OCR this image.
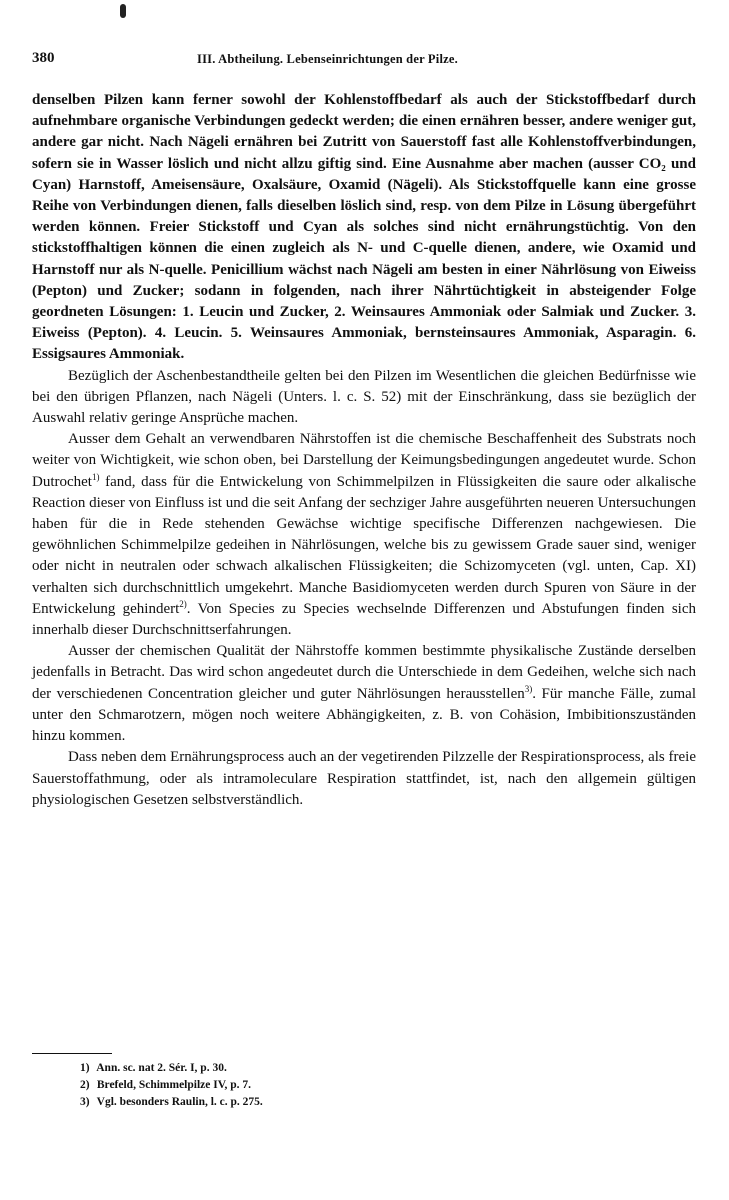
380	III. Abtheilung. Lebenseinrichtungen der Pilze.

denselben Pilzen kann ferner sowohl der Kohlenstoffbedarf als auch der Stickstoffbedarf durch aufnehmbare organische Verbindungen gedeckt werden; die einen ernähren besser, andere weniger gut, andere gar nicht. Nach Nägeli ernähren bei Zutritt von Sauerstoff fast alle Kohlenstoffverbindungen, sofern sie in Wasser löslich und nicht allzu giftig sind. Eine Ausnahme aber machen (ausser CO₂ und Cyan) Harnstoff, Ameisensäure, Oxalsäure, Oxamid (Nägeli). Als Stickstoffquelle kann eine grosse Reihe von Verbindungen dienen, falls dieselben löslich sind, resp. von dem Pilze in Lösung übergeführt werden können. Freier Stickstoff und Cyan als solches sind nicht ernährungstüchtig. Von den stickstoffhaltigen können die einen zugleich als N- und C-quelle dienen, andere, wie Oxamid und Harnstoff nur als N-quelle. Penicillium wächst nach Nägeli am besten in einer Nährlösung von Eiweiss (Pepton) und Zucker; sodann in folgenden, nach ihrer Nährtüchtigkeit in absteigender Folge geordneten Lösungen: 1. Leucin und Zucker, 2. Weinsaures Ammoniak oder Salmiak und Zucker. 3. Eiweiss (Pepton). 4. Leucin. 5. Weinsaures Ammoniak, bernsteinsaures Ammoniak, Asparagin. 6. Essigsaures Ammoniak.

Bezüglich der Aschenbestandtheile gelten bei den Pilzen im Wesentlichen die gleichen Bedürfnisse wie bei den übrigen Pflanzen, nach Nägeli (Unters. l. c. S. 52) mit der Einschränkung, dass sie bezüglich der Auswahl relativ geringe Ansprüche machen.

Ausser dem Gehalt an verwendbaren Nährstoffen ist die chemische Beschaffenheit des Substrats noch weiter von Wichtigkeit, wie schon oben, bei Darstellung der Keimungsbedingungen angedeutet wurde. Schon Dutrochet$^{1)}$ fand, dass für die Entwickelung von Schimmelpilzen in Flüssigkeiten die saure oder alkalische Reaction dieser von Einfluss ist und die seit Anfang der sechziger Jahre ausgeführten neueren Untersuchungen haben für die in Rede stehenden Gewächse wichtige specifische Differenzen nachgewiesen. Die gewöhnlichen Schimmelpilze gedeihen in Nährlösungen, welche bis zu gewissem Grade sauer sind, weniger oder nicht in neutralen oder schwach alkalischen Flüssigkeiten; die Schizomyceten (vgl. unten, Cap. XI) verhalten sich durchschnittlich umgekehrt. Manche Basidiomyceten werden durch Spuren von Säure in der Entwickelung gehindert$^{2)}$. Von Species zu Species wechselnde Differenzen und Abstufungen finden sich innerhalb dieser Durchschnittserfahrungen.

Ausser der chemischen Qualität der Nährstoffe kommen bestimmte physikalische Zustände derselben jedenfalls in Betracht. Das wird schon angedeutet durch die Unterschiede in dem Gedeihen, welche sich nach der verschiedenen Concentration gleicher und guter Nährlösungen herausstellen$^{3)}$. Für manche Fälle, zumal unter den Schmarotzern, mögen noch weitere Abhängigkeiten, z. B. von Cohäsion, Imbibitionszuständen hinzu kommen.

Dass neben dem Ernährungsprocess auch an der vegetirenden Pilzzelle der Respirationsprocess, als freie Sauerstoffathmung, oder als intramoleculare Respiration stattfindet, ist, nach den allgemein gültigen physiologischen Gesetzen selbstverständlich.

1) Ann. sc. nat 2. Sér. I, p. 30.
2) Brefeld, Schimmelpilze IV, p. 7.
3) Vgl. besonders Raulin, l. c. p. 275.
